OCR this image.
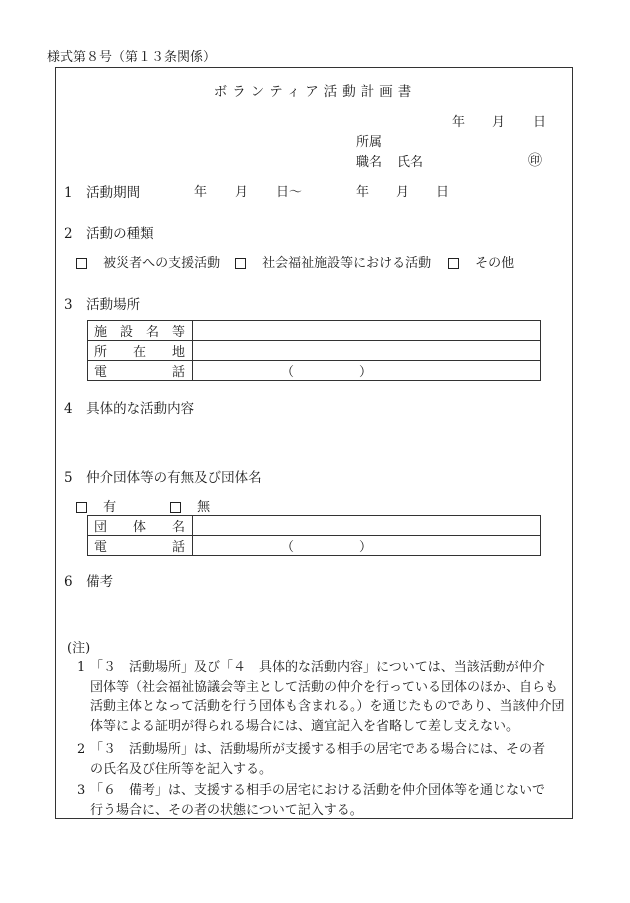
様式第８号（第１３条関係）
ボランティア活動計画書
年 月 日
所属
職名 氏名	㊞
1　活動期間	年 月 日～	年 月 日
2　活動の種類
被災者への支援活動	社会福祉施設等における活動	その他
3　活動場所
施　設　名　等	

所　　在　　地	

電　　　　　話	（　　　　　）
4　具体的な活動内容
5　仲介団体等の有無及び団体名
有	無
団　　体　　名	

電　　　　　話	（　　　　　）
6　備考
(注)
1 「３　活動場所」及び「４　具体的な活動内容」については、当該活動が仲介
団体等（社会福祉協議会等主として活動の仲介を行っている団体のほか、自らも
活動主体となって活動を行う団体も含まれる。）を通じたものであり、当該仲介団
体等による証明が得られる場合には、適宜記入を省略して差し支えない。
2 「３　活動場所」は、活動場所が支援する相手の居宅である場合には、その者
の氏名及び住所等を記入する。
3 「６　備考」は、支援する相手の居宅における活動を仲介団体等を通じないで
行う場合に、その者の状態について記入する。
